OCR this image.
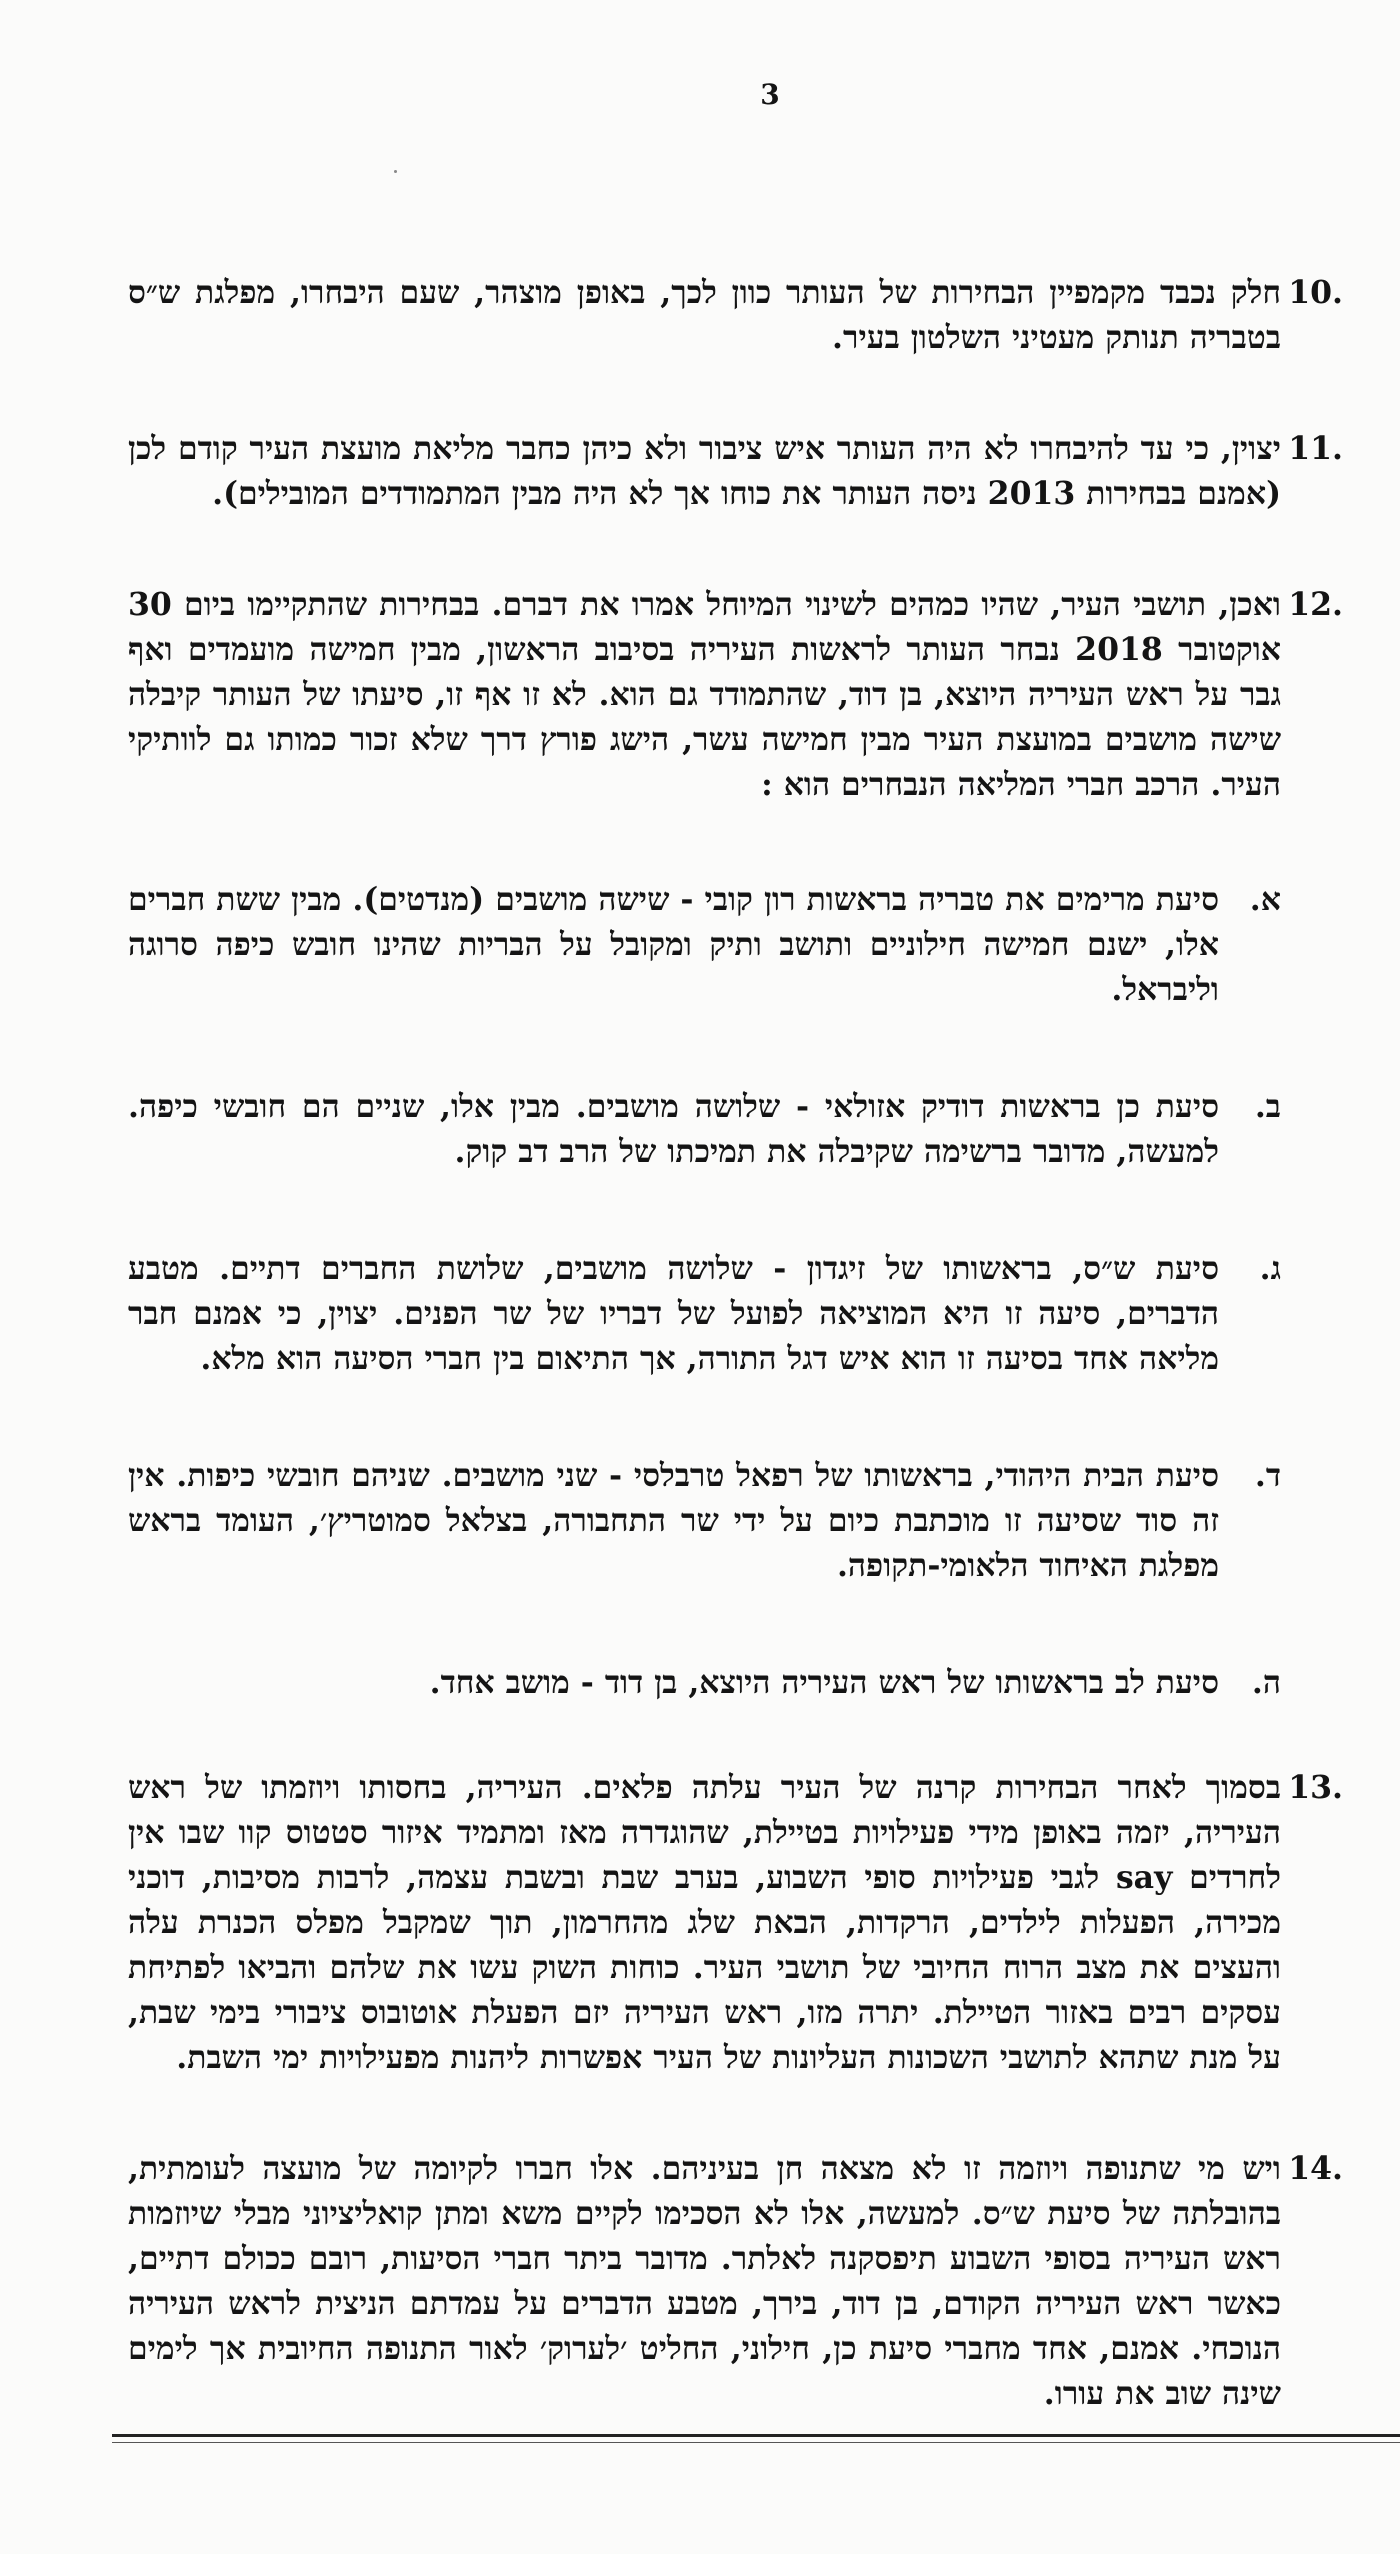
3
10.
חלק נכבד מקמפיין הבחירות של העותר כוון לכך, באופן מוצהר, שעם היבחרו, מפלגת ש״ס בטבריה תנותק מעטיני השלטון בעיר.
11.
יצוין, כי עד להיבחרו לא היה העותר איש ציבור ולא כיהן כחבר מליאת מועצת העיר קודם לכן (אמנם בבחירות 2013 ניסה העותר את כוחו אך לא היה מבין המתמודדים המובילים).
12.
ואכן, תושבי העיר, שהיו כמהים לשינוי המיוחל אמרו את דברם. בבחירות שהתקיימו ביום 30 אוקטובר 2018 נבחר העותר לראשות העיריה בסיבוב הראשון, מבין חמישה מועמדים ואף גבר על ראש העיריה היוצא, בן דוד, שהתמודד גם הוא. לא זו אף זו, סיעתו של העותר קיבלה שישה מושבים במועצת העיר מבין חמישה עשר, הישג פורץ דרך שלא זכור כמותו גם לוותיקי העיר. הרכב חברי המליאה הנבחרים הוא :
א.
סיעת מרימים את טבריה בראשות רון קובי - שישה מושבים (מנדטים). מבין ששת חברים אלו, ישנם חמישה חילוניים ותושב ותיק ומקובל על הבריות שהינו חובש כיפה סרוגה וליבראל.
ב.
סיעת כן בראשות דודיק אזולאי - שלושה מושבים. מבין אלו, שניים הם חובשי כיפה. למעשה, מדובר ברשימה שקיבלה את תמיכתו של הרב דב קוק.
ג.
סיעת ש״ס, בראשותו של זיגדון - שלושה מושבים, שלושת החברים דתיים. מטבע הדברים, סיעה זו היא המוציאה לפועל של דבריו של שר הפנים. יצוין, כי אמנם חבר מליאה אחד בסיעה זו הוא איש דגל התורה, אך התיאום בין חברי הסיעה הוא מלא.
ד.
סיעת הבית היהודי, בראשותו של רפאל טרבלסי - שני מושבים. שניהם חובשי כיפות. אין זה סוד שסיעה זו מוכתבת כיום על ידי שר התחבורה, בצלאל סמוטריץ׳, העומד בראש מפלגת האיחוד הלאומי-תקופה.
ה.
סיעת לב בראשותו של ראש העיריה היוצא, בן דוד - מושב אחד.
13.
בסמוך לאחר הבחירות קרנה של העיר עלתה פלאים. העיריה, בחסותו ויוזמתו של ראש העיריה, יזמה באופן מידי פעילויות בטיילת, שהוגדרה מאז ומתמיד איזור סטטוס קוו שבו אין לחרדים say לגבי פעילויות סופי השבוע, בערב שבת ובשבת עצמה, לרבות מסיבות, דוכני מכירה, הפעלות לילדים, הרקדות, הבאת שלג מהחרמון, תוך שמקבל מפלס הכנרת עלה והעצים את מצב הרוח החיובי של תושבי העיר. כוחות השוק עשו את שלהם והביאו לפתיחת עסקים רבים באזור הטיילת. יתרה מזו, ראש העיריה יזם הפעלת אוטובוס ציבורי בימי שבת, על מנת שתהא לתושבי השכונות העליונות של העיר אפשרות ליהנות מפעילויות ימי השבת.
14.
ויש מי שתנופה ויוזמה זו לא מצאה חן בעיניהם. אלו חברו לקיומה של מועצה לעומתית, בהובלתה של סיעת ש״ס. למעשה, אלו לא הסכימו לקיים משא ומתן קואליציוני מבלי שיוזמות ראש העיריה בסופי השבוע תיפסקנה לאלתר. מדובר ביתר חברי הסיעות, רובם ככולם דתיים, כאשר ראש העיריה הקודם, בן דוד, בירך, מטבע הדברים על עמדתם הניצית לראש העיריה הנוכחי. אמנם, אחד מחברי סיעת כן, חילוני, החליט ׳לערוק׳ לאור התנופה החיובית אך לימים שינה שוב את עורו.
